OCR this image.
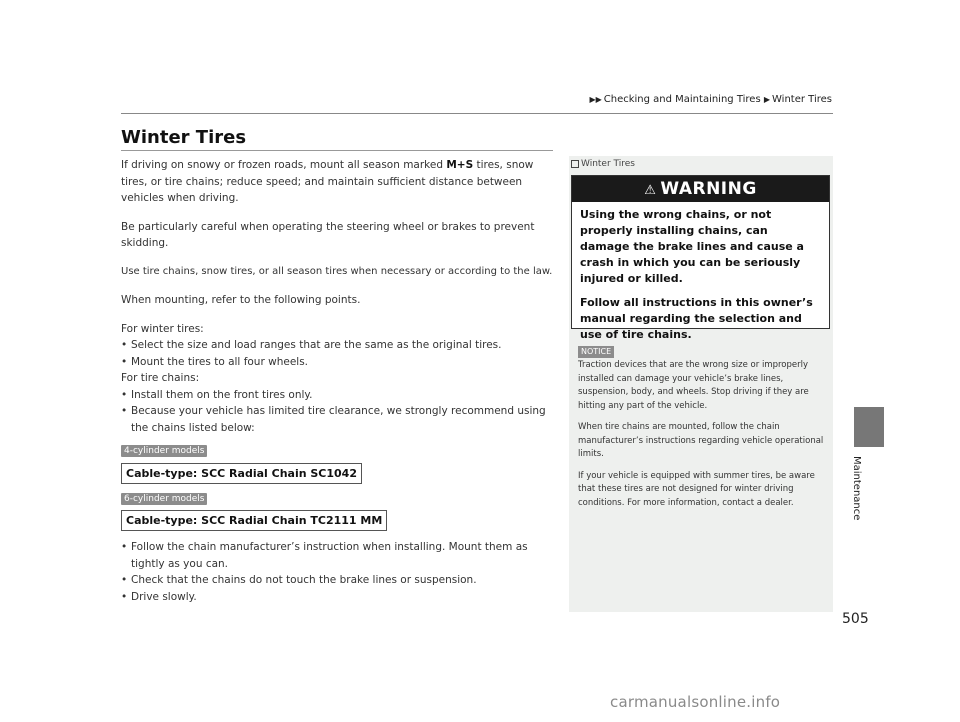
▶▶ Checking and Maintaining Tires ▶ Winter Tires
Winter Tires

If driving on snowy or frozen roads, mount all season marked M+S tires, snow tires, or tire chains; reduce speed; and maintain sufficient distance between vehicles when driving.

Be particularly careful when operating the steering wheel or brakes to prevent skidding.

Use tire chains, snow tires, or all season tires when necessary or according to the law.

When mounting, refer to the following points.

For winter tires:

• Select the size and load ranges that are the same as the original tires.

• Mount the tires to all four wheels.

For tire chains:

• Install them on the front tires only.

• Because your vehicle has limited tire clearance, we strongly recommend using the chains listed below:

4-cylinder models
Cable-type: SCC Radial Chain SC1042
6-cylinder models
Cable-type: SCC Radial Chain TC2111 MM

• Follow the chain manufacturer’s instruction when installing. Mount them as tightly as you can.

• Check that the chains do not touch the brake lines or suspension.

• Drive slowly.

Winter Tires
⚠ WARNING

Using the wrong chains, or not properly installing chains, can damage the brake lines and cause a crash in which you can be seriously injured or killed.

Follow all instructions in this owner’s manual regarding the selection and use of tire chains.

NOTICE

Traction devices that are the wrong size or improperly installed can damage your vehicle’s brake lines, suspension, body, and wheels. Stop driving if they are hitting any part of the vehicle.

When tire chains are mounted, follow the chain manufacturer’s instructions regarding vehicle operational limits.

If your vehicle is equipped with summer tires, be aware that these tires are not designed for winter driving conditions. For more information, contact a dealer.	Maintenance
505
carmanualsonline.info
